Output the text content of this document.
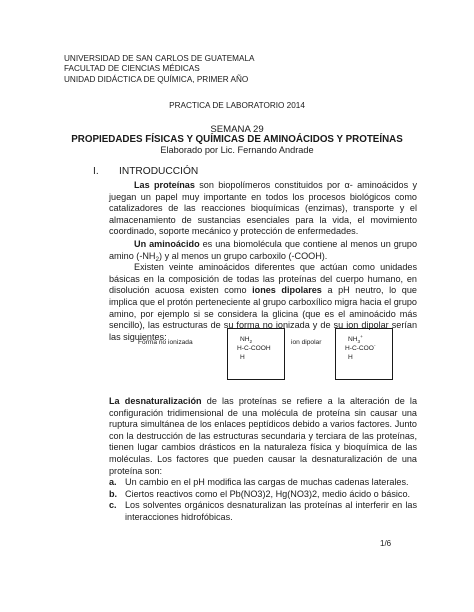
UNIVERSIDAD DE SAN CARLOS DE GUATEMALA
FACULTAD DE CIENCIAS MÉDICAS
UNIDAD DIDÁCTICA DE QUÍMICA, PRIMER AÑO
PRACTICA DE LABORATORIO 2014
SEMANA 29
PROPIEDADES FÍSICAS Y QUÍMICAS DE AMINOÁCIDOS Y PROTEÍNAS
Elaborado por Lic. Fernando Andrade
I. INTRODUCCIÓN

Las proteínas son biopolímeros constituidos por α- aminoácidos y juegan un papel muy importante en todos los procesos biológicos como catalizadores de las reacciones bioquímicas (enzimas), transporte y el almacenamiento de sustancias esenciales para la vida, el movimiento coordinado, soporte mecánico y protección de enfermedades.

Un aminoácido es una biomolécula que contiene al menos un grupo amino $(-NH_2)$ y al menos un grupo carboxilo (-COOH).

Existen veinte aminoácidos diferentes que actúan como unidades básicas en la composición de todas las proteínas del cuerpo humano, en disolución acuosa existen como iones dipolares a pH neutro, lo que implica que el protón perteneciente al grupo carboxílico migra hacia el grupo amino, por ejemplo si se considera la glicina (que es el aminoácido más sencillo), las estructuras de su forma no ionizada y de su ion dipolar serían las siguientes:

Forma no ionizada	$NH_2$
H-C-COOH
H
ion dipolar	$NH_3^+$
H-C-COO-
H

La desnaturalización de las proteínas se refiere a la alteración de la configuración tridimensional de una molécula de proteína sin causar una ruptura simultánea de los enlaces peptídicos debido a varios factores. Junto con la destrucción de las estructuras secundaria y terciara de las proteínas, tienen lugar cambios drásticos en la naturaleza física y bioquímica de las moléculas. Los factores que pueden causar la desnaturalización de una proteína son:

a. Un cambio en el pH modifica las cargas de muchas cadenas laterales.
b. Ciertos reactivos como el Pb(NO3)2, Hg(NO3)2, medio ácido o básico.
c. Los solventes orgánicos desnaturalizan las proteínas al interferir en las interacciones hidrofóbicas.
1/6
